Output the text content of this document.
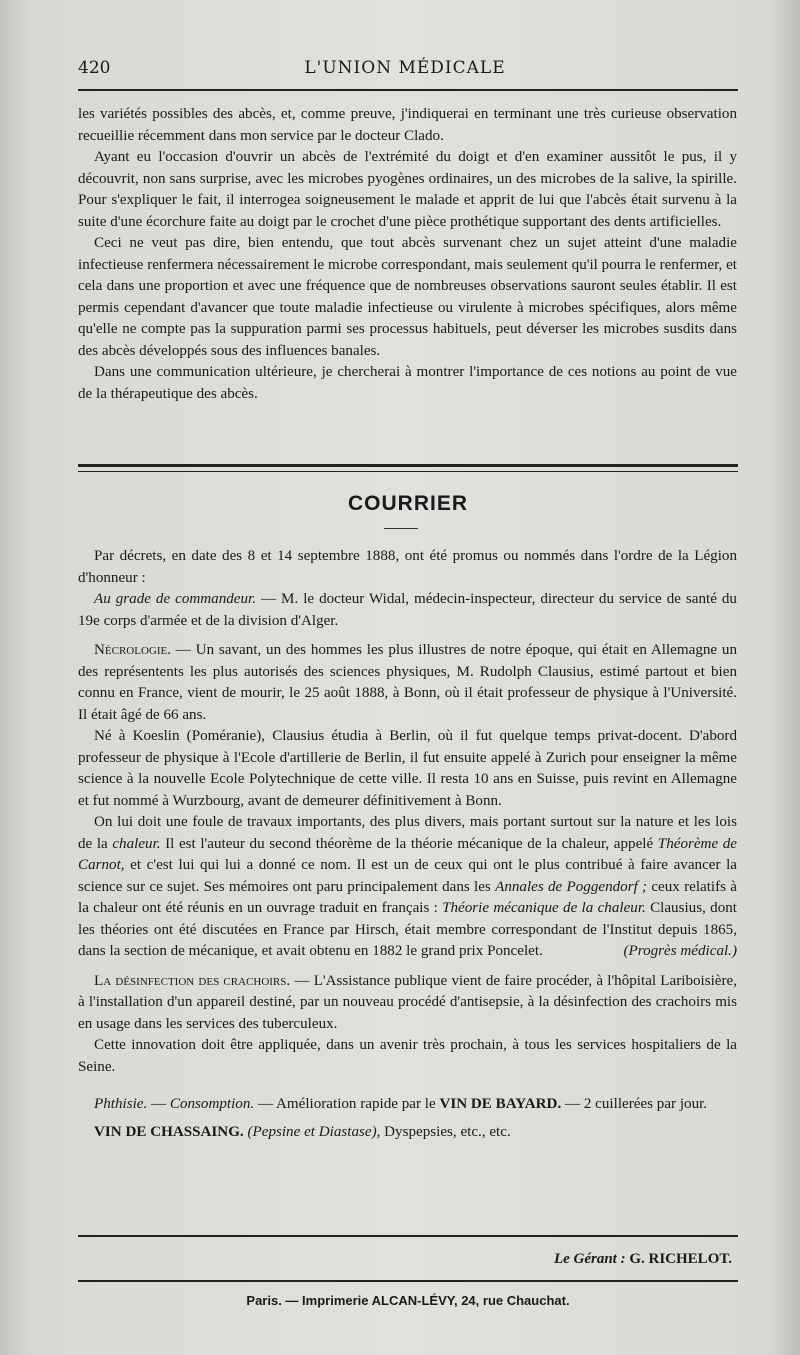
420	L'UNION MÉDICALE

les variétés possibles des abcès, et, comme preuve, j'indiquerai en terminant une très curieuse observation recueillie récemment dans mon service par le docteur Clado.

Ayant eu l'occasion d'ouvrir un abcès de l'extrémité du doigt et d'en examiner aussitôt le pus, il y découvrit, non sans surprise, avec les microbes pyogènes ordinaires, un des microbes de la salive, la spirille. Pour s'expliquer le fait, il interrogea soigneusement le malade et apprit de lui que l'abcès était survenu à la suite d'une écorchure faite au doigt par le crochet d'une pièce prothétique supportant des dents artificielles.

Ceci ne veut pas dire, bien entendu, que tout abcès survenant chez un sujet atteint d'une maladie infectieuse renfermera nécessairement le microbe correspondant, mais seulement qu'il pourra le renfermer, et cela dans une proportion et avec une fréquence que de nombreuses observations sauront seules établir. Il est permis cependant d'avancer que toute maladie infectieuse ou virulente à microbes spécifiques, alors même qu'elle ne compte pas la suppuration parmi ses processus habituels, peut déverser les microbes susdits dans des abcès développés sous des influences banales.

Dans une communication ultérieure, je chercherai à montrer l'importance de ces notions au point de vue de la thérapeutique des abcès.

COURRIER

Par décrets, en date des 8 et 14 septembre 1888, ont été promus ou nommés dans l'ordre de la Légion d'honneur :

Au grade de commandeur. — M. le docteur Widal, médecin-inspecteur, directeur du service de santé du 19e corps d'armée et de la division d'Alger.

Nécrologie. — Un savant, un des hommes les plus illustres de notre époque, qui était en Allemagne un des représentents les plus autorisés des sciences physiques, M. Rudolph Clausius, estimé partout et bien connu en France, vient de mourir, le 25 août 1888, à Bonn, où il était professeur de physique à l'Université. Il était âgé de 66 ans.

Né à Koeslin (Poméranie), Clausius étudia à Berlin, où il fut quelque temps privat-docent. D'abord professeur de physique à l'Ecole d'artillerie de Berlin, il fut ensuite appelé à Zurich pour enseigner la même science à la nouvelle Ecole Polytechnique de cette ville. Il resta 10 ans en Suisse, puis revint en Allemagne et fut nommé à Wurzbourg, avant de demeurer définitivement à Bonn.

On lui doit une foule de travaux importants, des plus divers, mais portant surtout sur la nature et les lois de la chaleur. Il est l'auteur du second théorème de la théorie mécanique de la chaleur, appelé Théorème de Carnot, et c'est lui qui lui a donné ce nom. Il est un de ceux qui ont le plus contribué à faire avancer la science sur ce sujet. Ses mémoires ont paru principalement dans les Annales de Poggendorf ; ceux relatifs à la chaleur ont été réunis en un ouvrage traduit en français : Théorie mécanique de la chaleur. Clausius, dont les théories ont été discutées en France par Hirsch, était membre correspondant de l'Institut depuis 1865, dans la section de mécanique, et avait obtenu en 1882 le grand prix Poncelet.	(Progrès médical.)

La désinfection des crachoirs. — L'Assistance publique vient de faire procéder, à l'hôpital Lariboisière, à l'installation d'un appareil destiné, par un nouveau procédé d'antisepsie, à la désinfection des crachoirs mis en usage dans les services des tuberculeux.

Cette innovation doit être appliquée, dans un avenir très prochain, à tous les services hospitaliers de la Seine.

Phthisie. — Consomption. — Amélioration rapide par le VIN DE BAYARD. — 2 cuillerées par jour.

VIN DE CHASSAING. (Pepsine et Diastase), Dyspepsies, etc., etc.

Le Gérant : G. RICHELOT.
Paris. — Imprimerie ALCAN-LÉVY, 24, rue Chauchat.
